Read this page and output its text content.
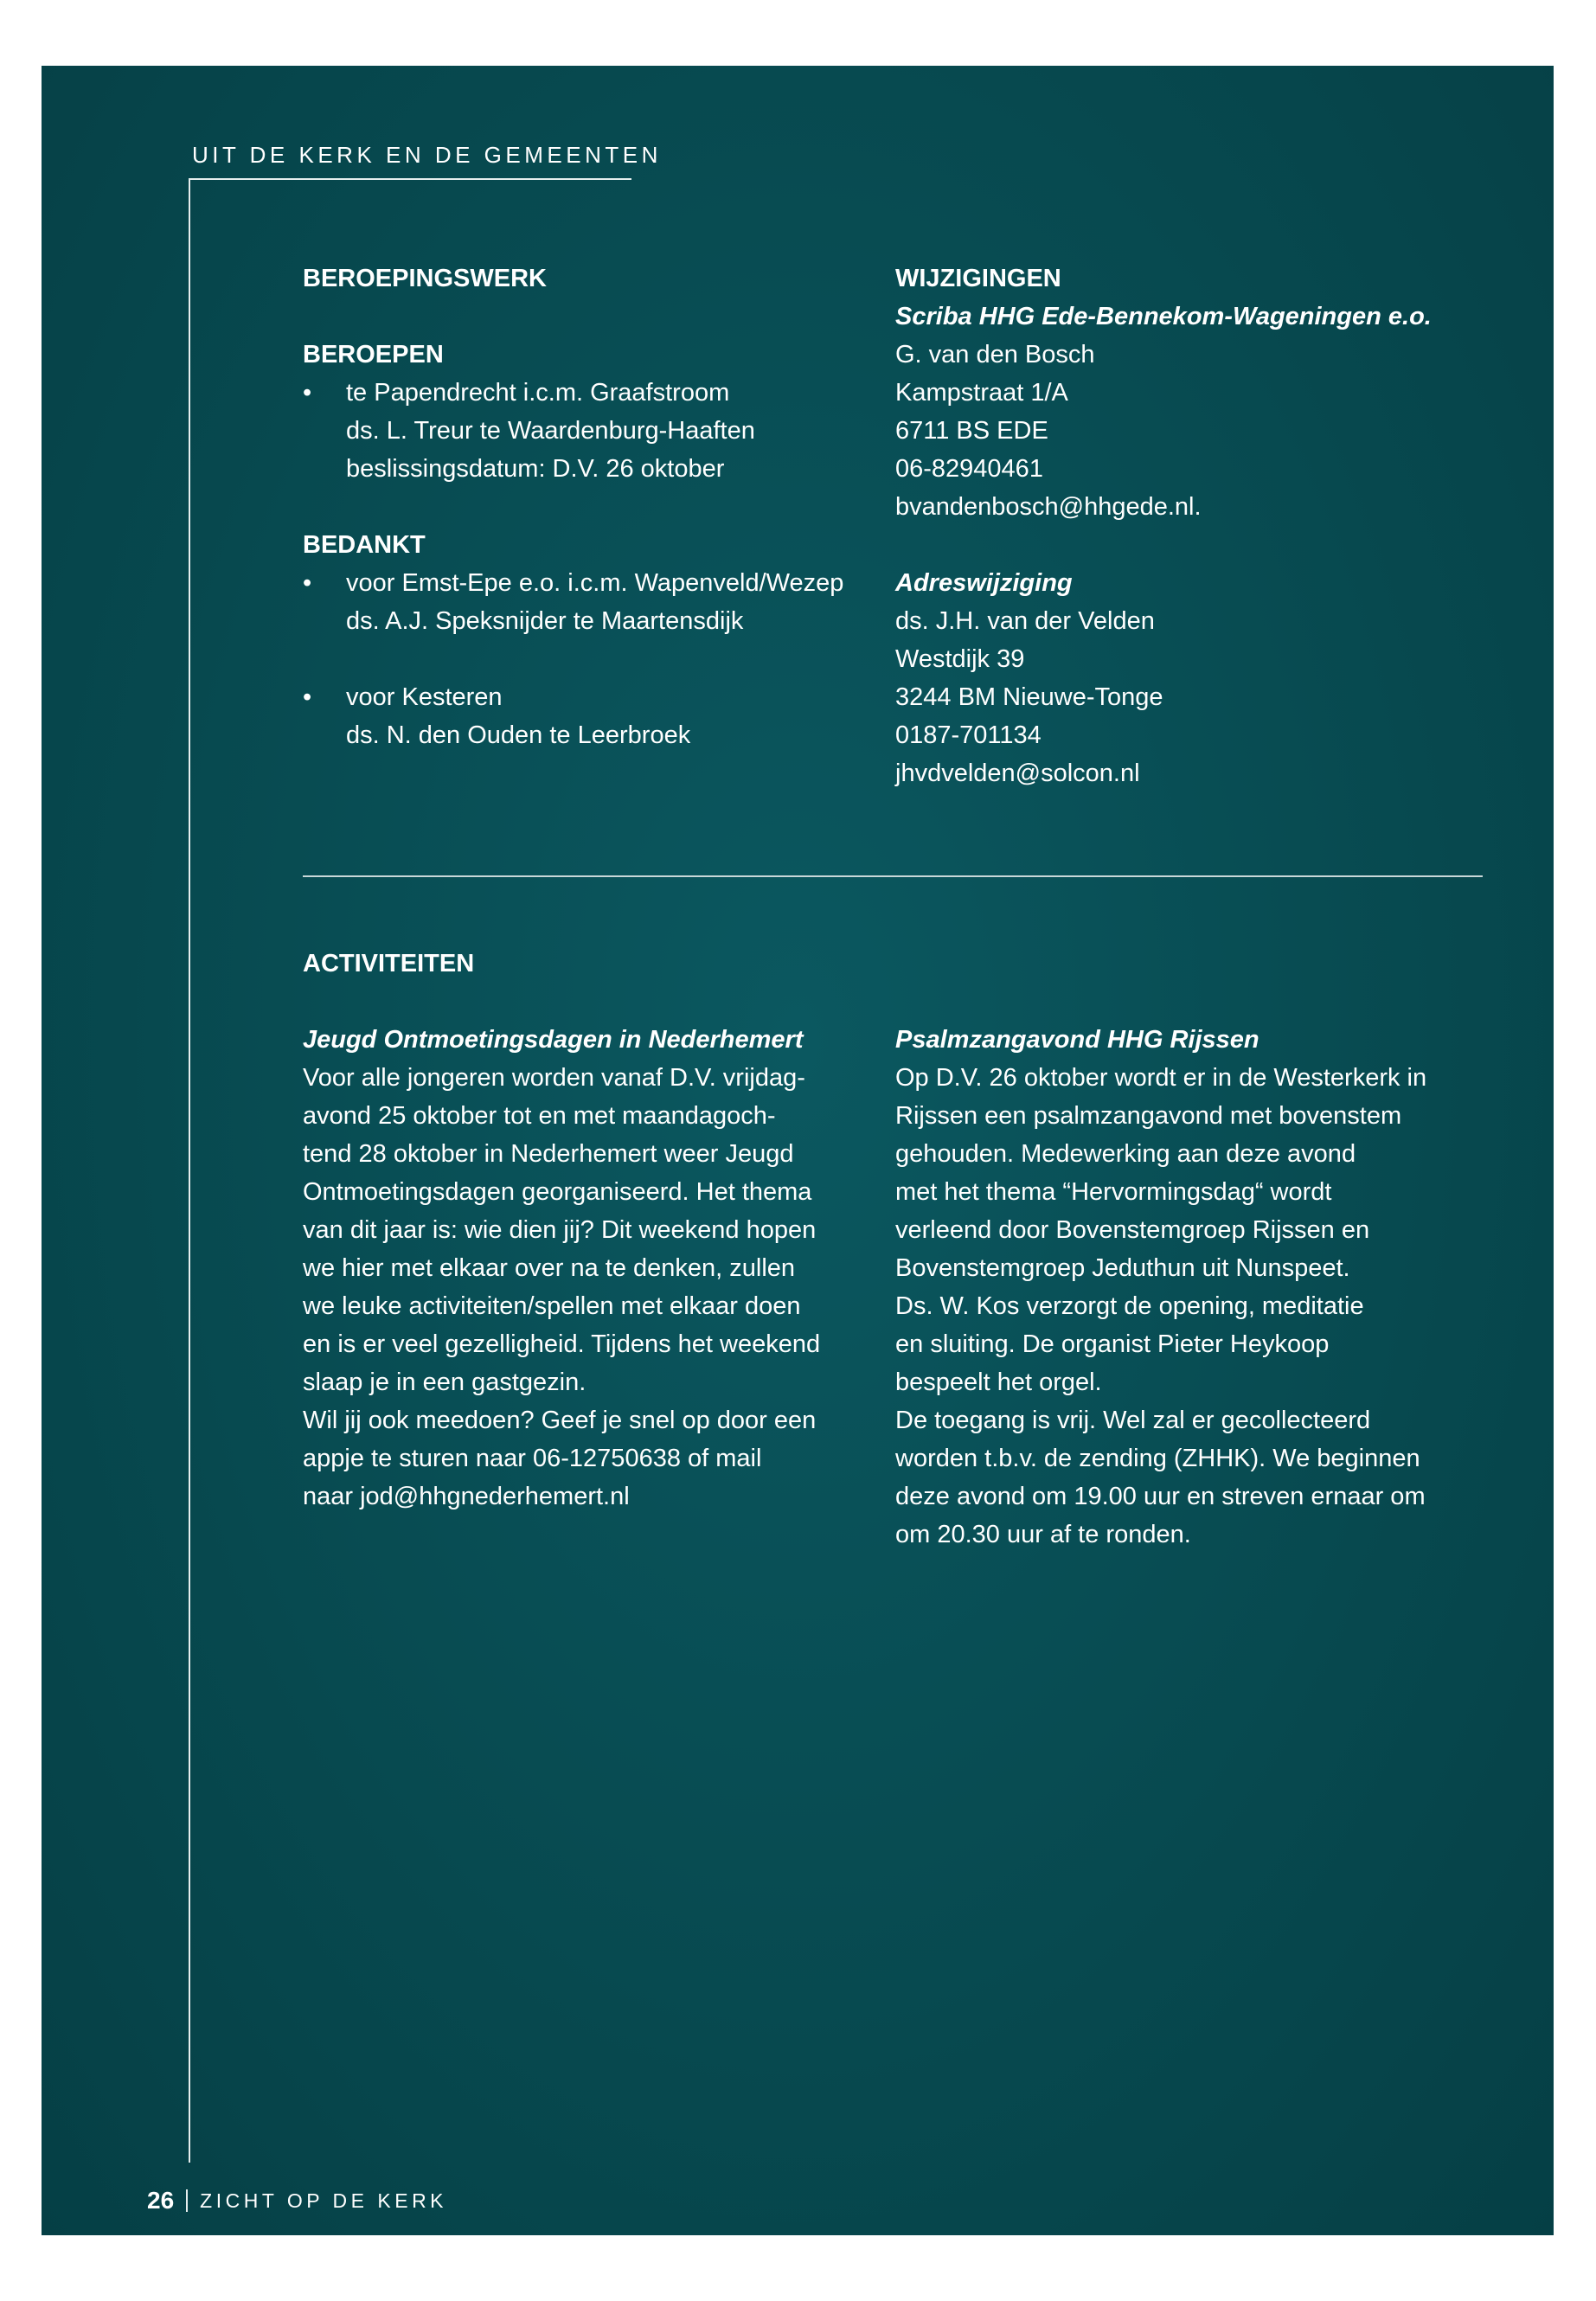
UIT DE KERK EN DE GEMEENTEN

BEROEPINGSWERK

BEROEPEN

• te Papendrecht i.c.m. Graafstroom

ds. L. Treur te Waardenburg-Haaften

beslissingsdatum: D.V. 26 oktober

BEDANKT

• voor Emst-Epe e.o. i.c.m. Wapenveld/Wezep

ds. A.J. Speksnijder te Maartensdijk

• voor Kesteren

ds. N. den Ouden te Leerbroek

WIJZIGINGEN

Scriba HHG Ede-Bennekom-Wageningen e.o.

G. van den Bosch

Kampstraat 1/A

6711 BS EDE

06-82940461

bvandenbosch@hhgede.nl.

Adreswijziging

ds. J.H. van der Velden

Westdijk 39

3244 BM Nieuwe-Tonge

0187-701134

jhvdvelden@solcon.nl

ACTIVITEITEN

Jeugd Ontmoetingsdagen in Nederhemert

Voor alle jongeren worden vanaf D.V. vrijdag-

avond 25 oktober tot en met maandagoch-

tend 28 oktober in Nederhemert weer Jeugd

Ontmoetingsdagen georganiseerd. Het thema

van dit jaar is: wie dien jij? Dit weekend hopen

we hier met elkaar over na te denken, zullen

we leuke activiteiten/spellen met elkaar doen

en is er veel gezelligheid. Tijdens het weekend

slaap je in een gastgezin.

Wil jij ook meedoen? Geef je snel op door een

appje te sturen naar 06-12750638 of mail

naar jod@hhgnederhemert.nl

Psalmzangavond HHG Rijssen

Op D.V. 26 oktober wordt er in de Westerkerk in

Rijssen een psalmzangavond met bovenstem

gehouden. Medewerking aan deze avond

met het thema “Hervormingsdag“ wordt

verleend door Bovenstemgroep Rijssen en

Bovenstemgroep Jeduthun uit Nunspeet.

Ds. W. Kos verzorgt de opening, meditatie

en sluiting. De organist Pieter Heykoop

bespeelt het orgel.

De toegang is vrij. Wel zal er gecollecteerd

worden t.b.v. de zending (ZHHK). We beginnen

deze avond om 19.00 uur en streven ernaar om

om 20.30 uur af te ronden.

26 ZICHT OP DE KERK
